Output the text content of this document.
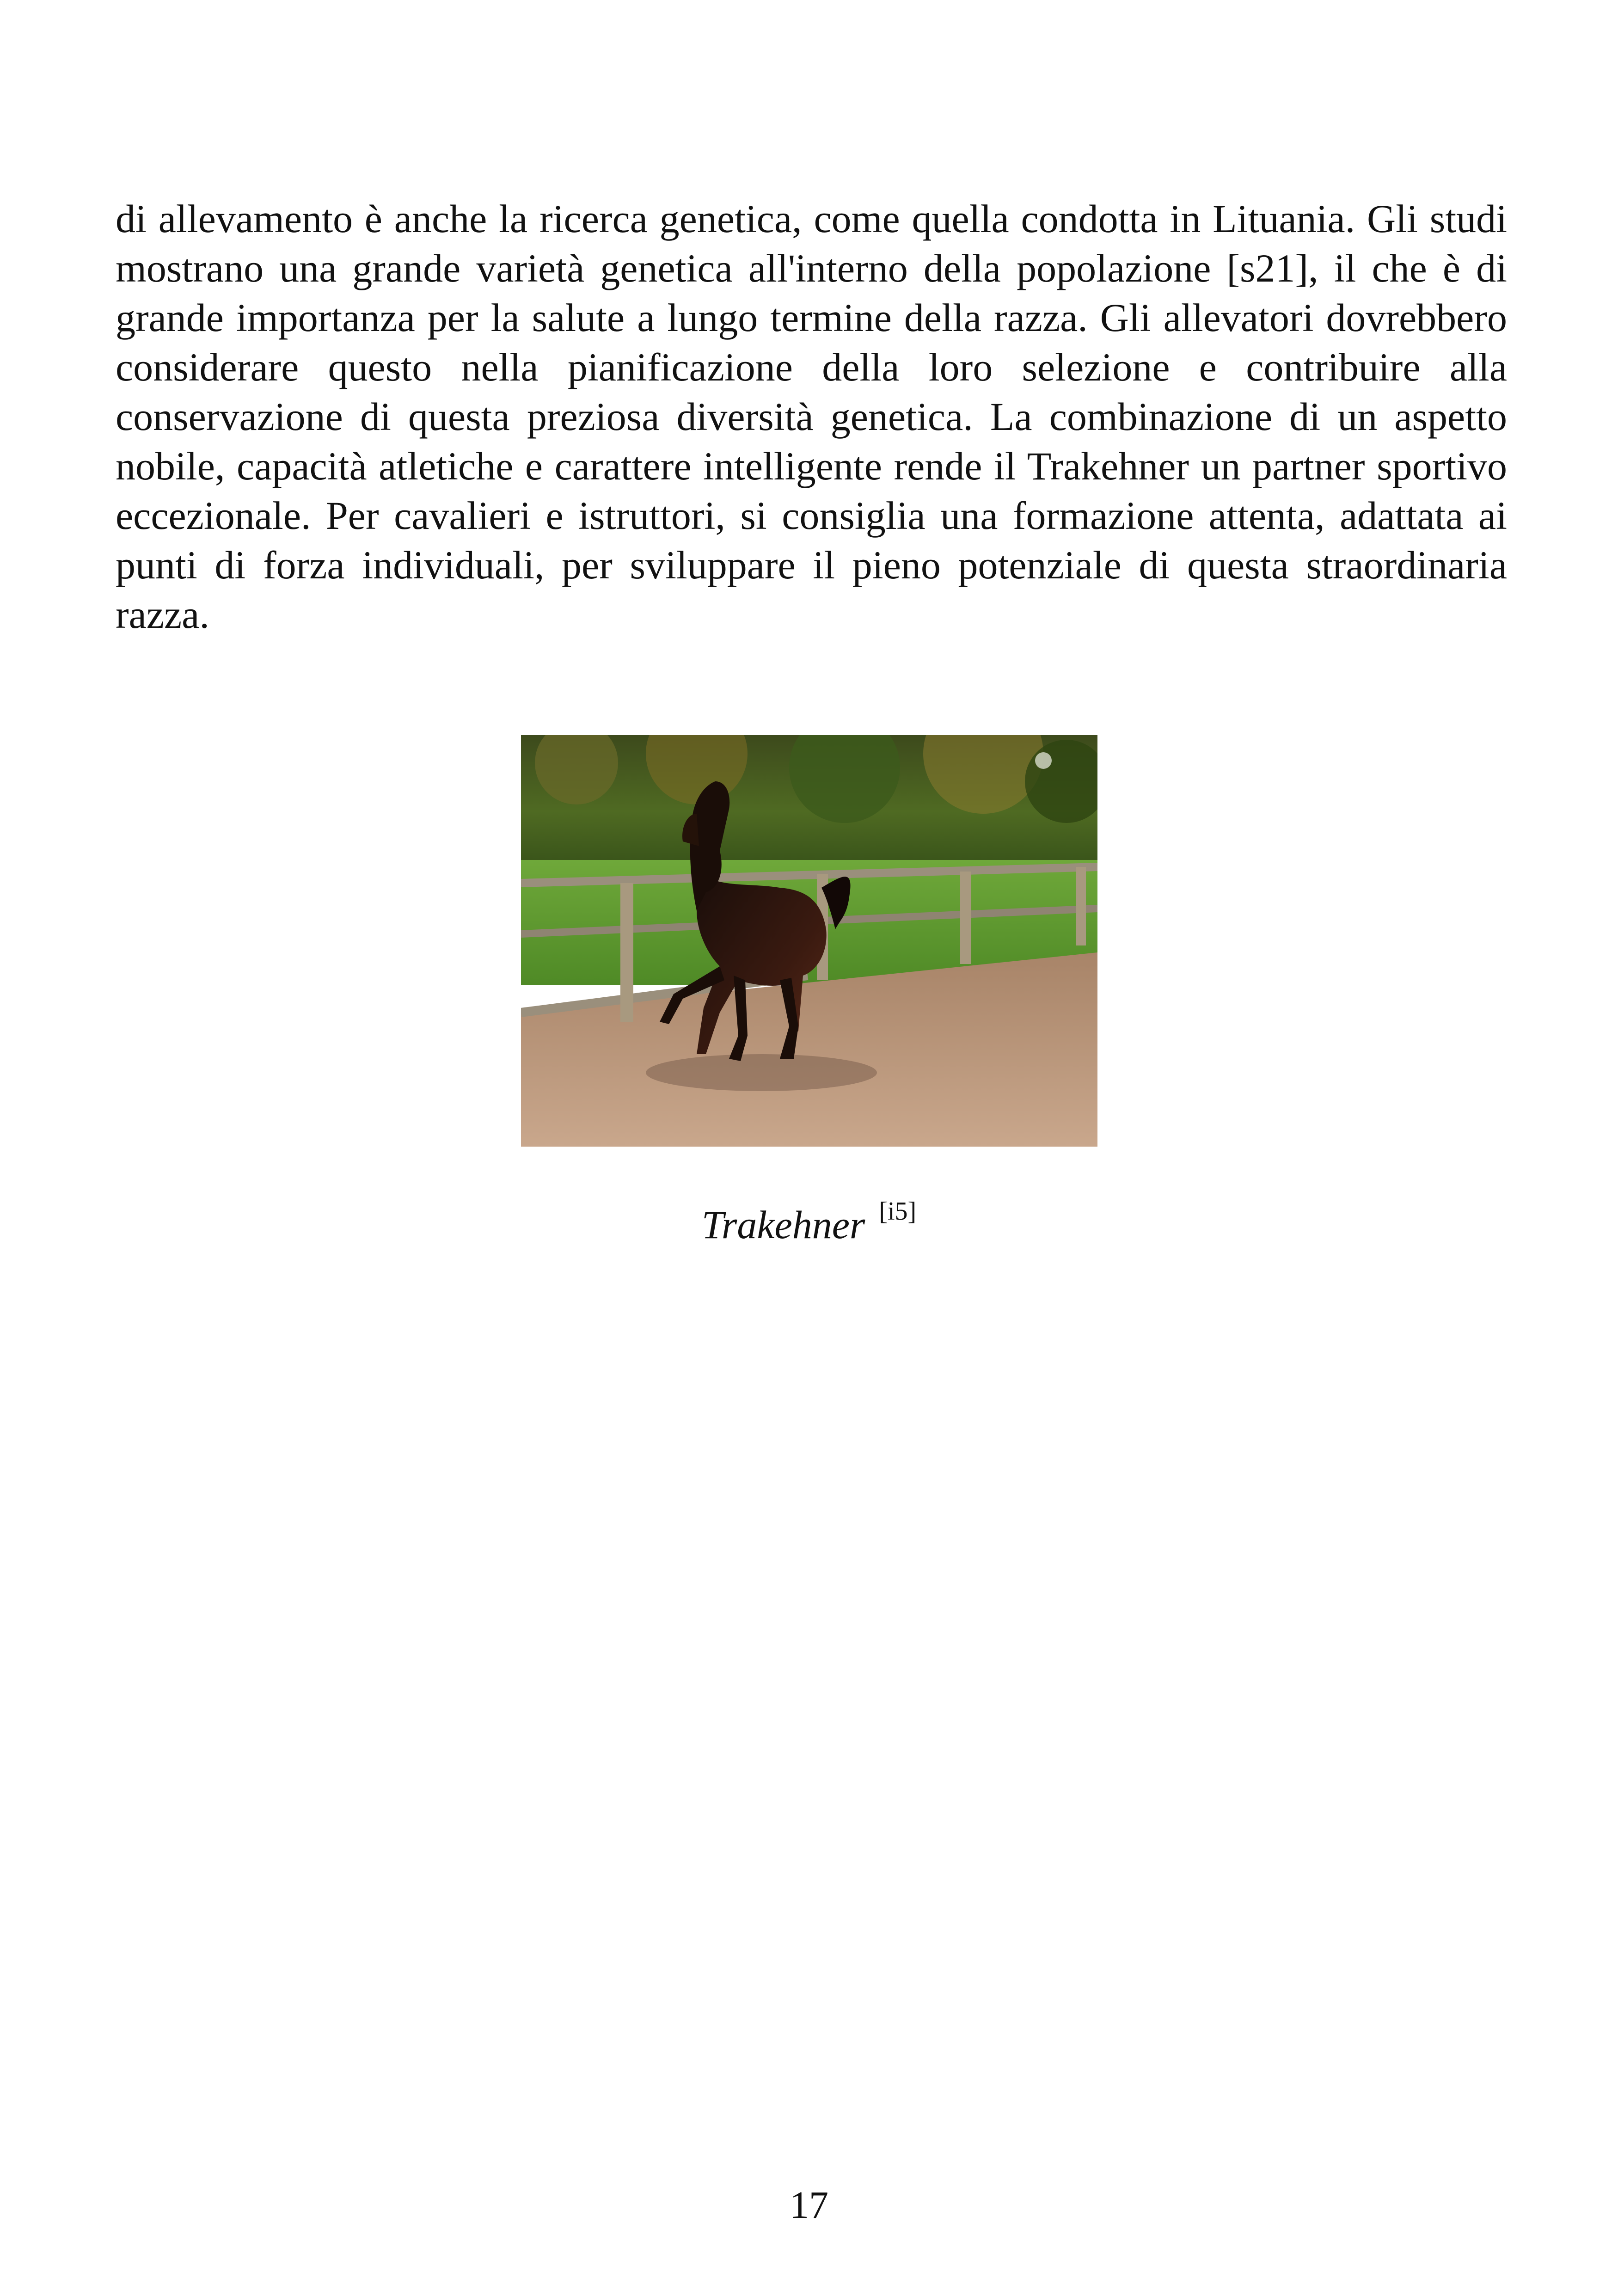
di allevamento è anche la ricerca genetica, come quella condotta in Lituania. Gli studi mostrano una grande varietà genetica all'interno della popolazione [s21], il che è di grande importanza per la salute a lungo termine della razza. Gli allevatori dovrebbero considerare questo nella pianificazione della loro selezione e contribuire alla conservazione di questa preziosa diversità genetica. La combinazione di un aspetto nobile, capacità atletiche e carattere intelligente rende il Trakehner un partner sportivo eccezionale. Per cavalieri e istruttori, si consiglia una formazione attenta, adattata ai punti di forza individuali, per sviluppare il pieno potenziale di questa straordinaria razza.

Trakehner [i5]
17
